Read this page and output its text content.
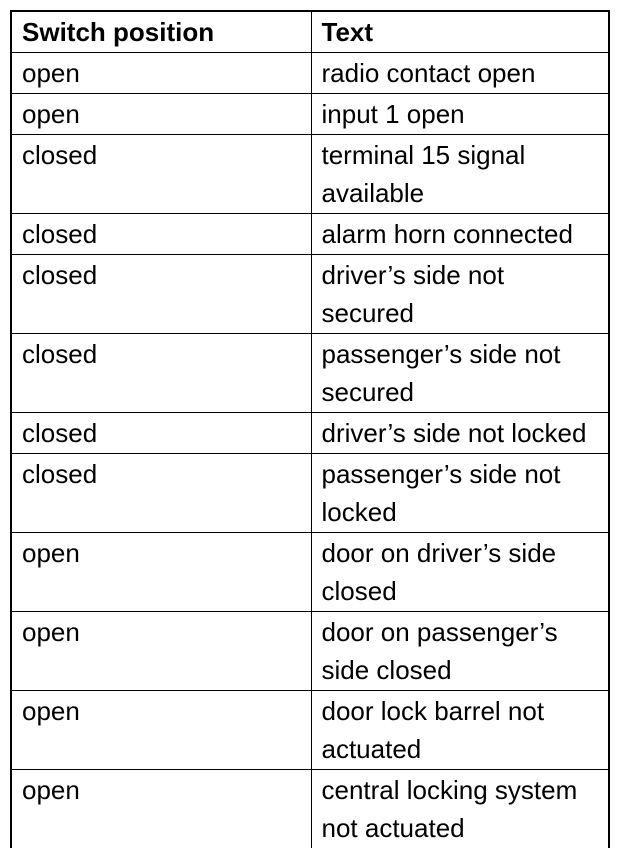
Switch position	Text
open	radio contact open
open	input 1 open
closed	terminal 15 signal available
closed	alarm horn connected
closed	driver’s side not secured
closed	passenger’s side not secured
closed	driver’s side not locked
closed	passenger’s side not locked
open	door on driver’s side closed
open	door on passenger’s side closed
open	door lock barrel not actuated
open	central locking system not actuated
